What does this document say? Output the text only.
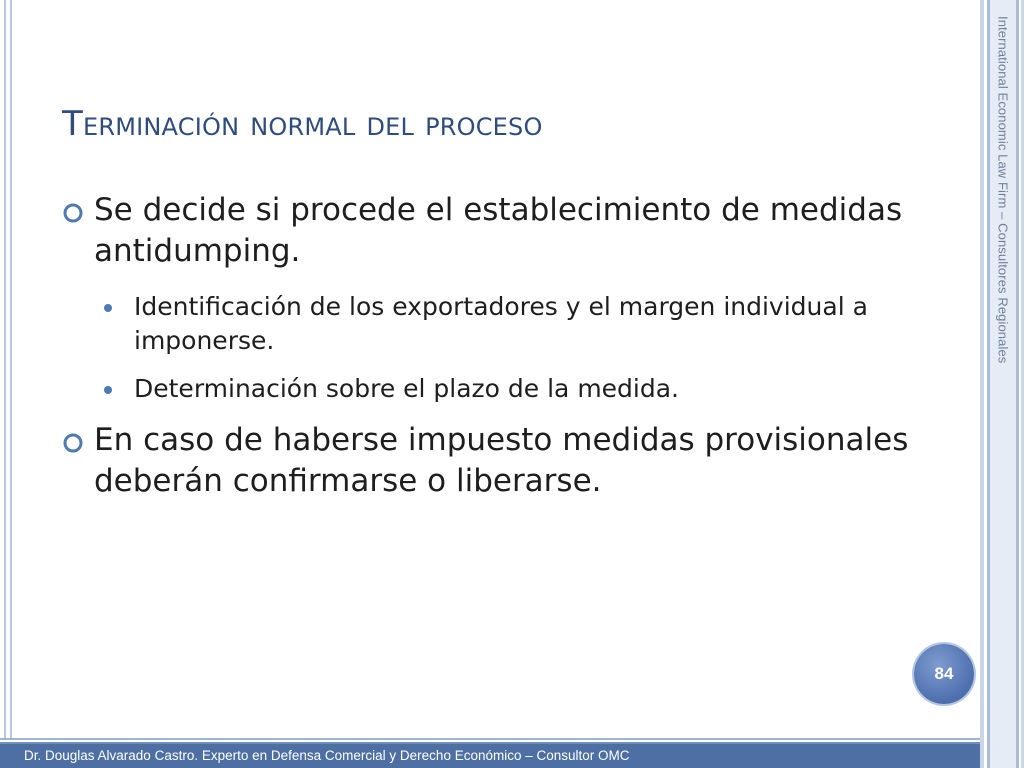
International Economic Law Firm – Consultores Regionales
Terminación normal del proceso
Se decide si procede el establecimiento de medidas antidumping.
Identificación de los exportadores y el margen individual a imponerse.
Determinación sobre el plazo de la medida.
En caso de haberse impuesto medidas provisionales deberán confirmarse o liberarse.
84
Dr. Douglas Alvarado Castro. Experto en Defensa Comercial y Derecho Económico – Consultor OMC
